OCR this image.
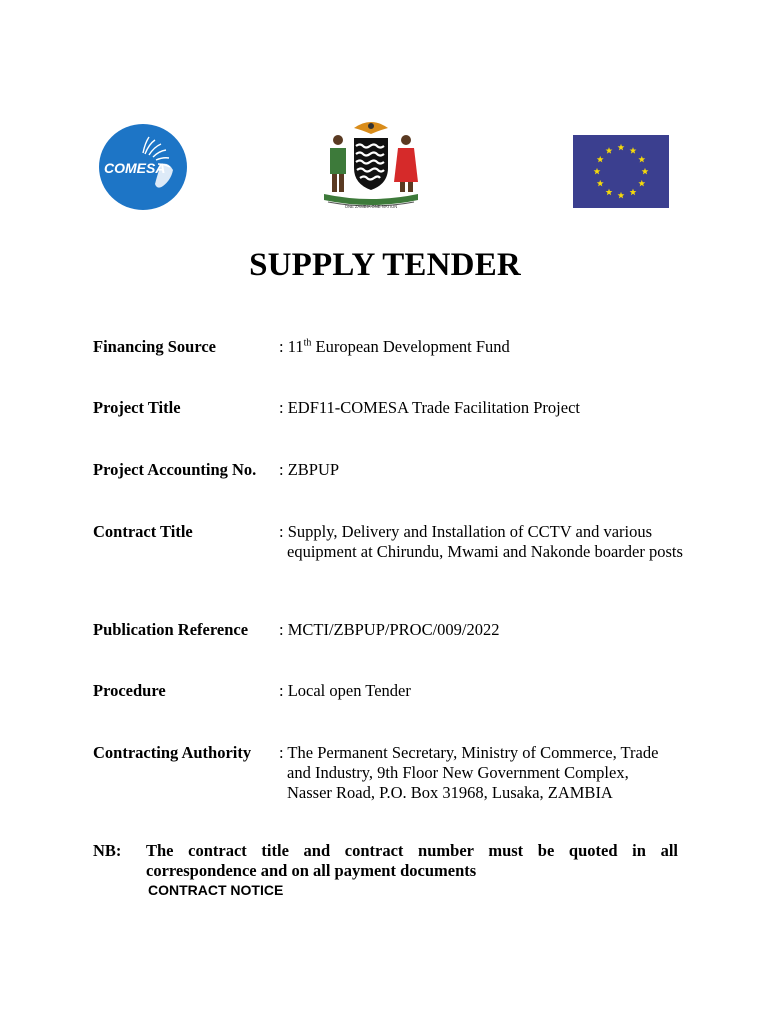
COMESA
ONE ZAMBIA ONE NATION
SUPPLY TENDER
Financing Source	: 11th European Development Fund
Project Title	: EDF11-COMESA Trade Facilitation Project
Project Accounting No. : ZBPUP
Contract Title	: Supply, Delivery and Installation of CCTV and various equipment at Chirundu, Mwami and Nakonde boarder posts
Publication Reference : MCTI/ZBPUP/PROC/009/2022
Procedure	: Local open Tender
Contracting Authority : The Permanent Secretary, Ministry of Commerce, Trade and Industry, 9th Floor New Government Complex, Nasser Road, P.O. Box 31968, Lusaka, ZAMBIA
NB: The contract title and contract number must be quoted in all correspondence and on all payment documents
CONTRACT NOTICE
